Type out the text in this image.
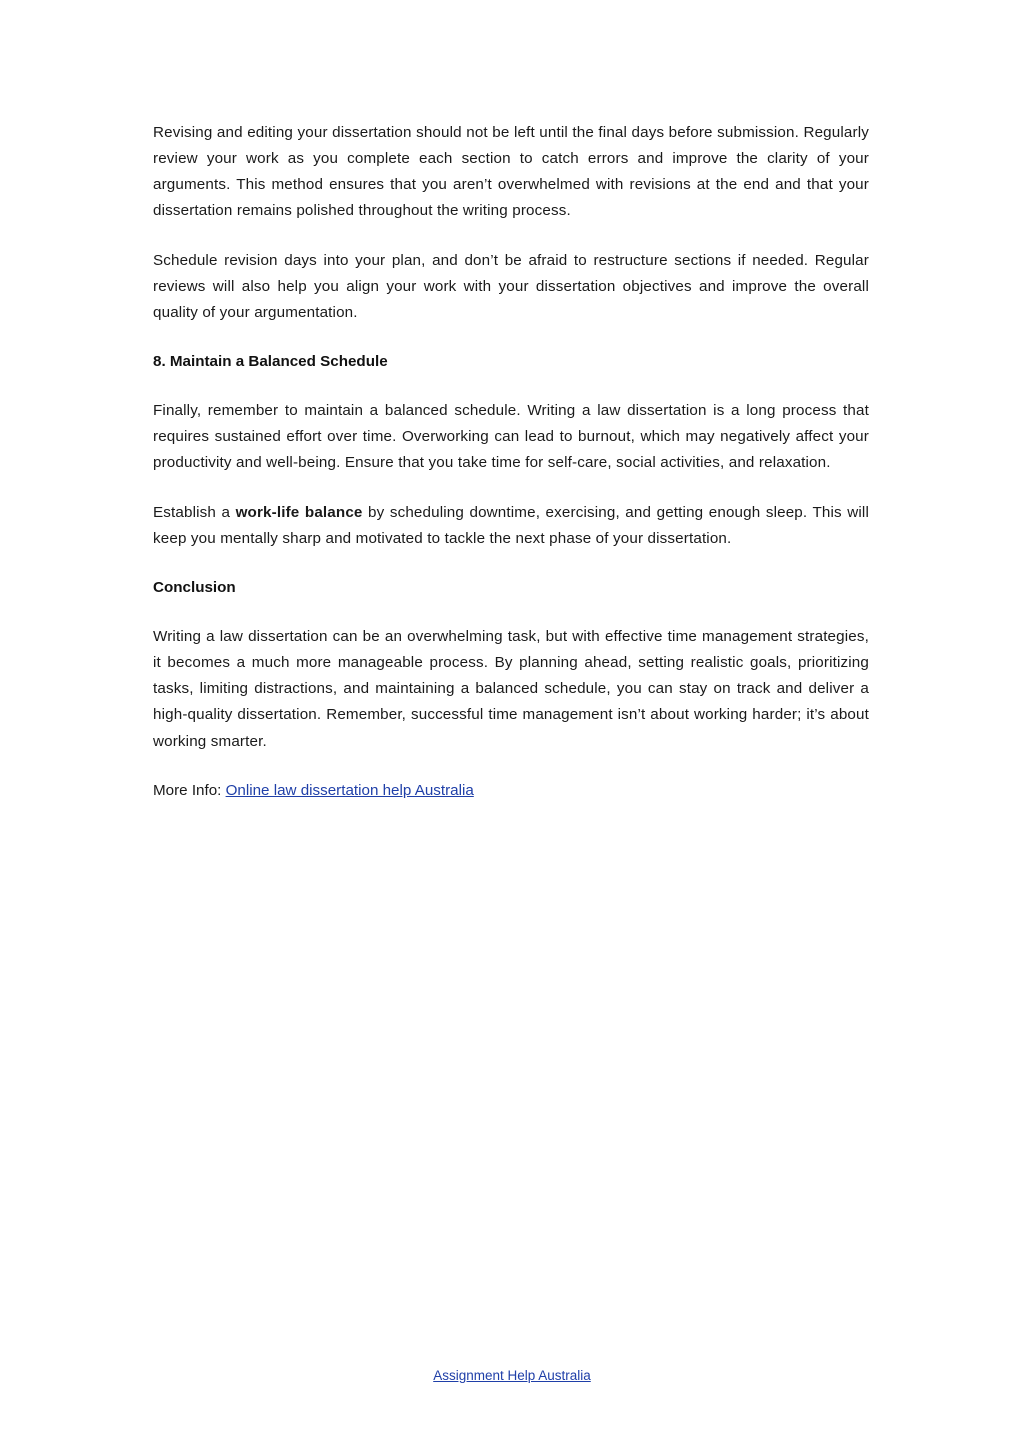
Revising and editing your dissertation should not be left until the final days before submission. Regularly review your work as you complete each section to catch errors and improve the clarity of your arguments. This method ensures that you aren’t overwhelmed with revisions at the end and that your dissertation remains polished throughout the writing process.

Schedule revision days into your plan, and don’t be afraid to restructure sections if needed. Regular reviews will also help you align your work with your dissertation objectives and improve the overall quality of your argumentation.

8. Maintain a Balanced Schedule

Finally, remember to maintain a balanced schedule. Writing a law dissertation is a long process that requires sustained effort over time. Overworking can lead to burnout, which may negatively affect your productivity and well-being. Ensure that you take time for self-care, social activities, and relaxation.

Establish a work-life balance by scheduling downtime, exercising, and getting enough sleep. This will keep you mentally sharp and motivated to tackle the next phase of your dissertation.

Conclusion

Writing a law dissertation can be an overwhelming task, but with effective time management strategies, it becomes a much more manageable process. By planning ahead, setting realistic goals, prioritizing tasks, limiting distractions, and maintaining a balanced schedule, you can stay on track and deliver a high-quality dissertation. Remember, successful time management isn’t about working harder; it’s about working smarter.

More Info: Online law dissertation help Australia

Assignment Help Australia
